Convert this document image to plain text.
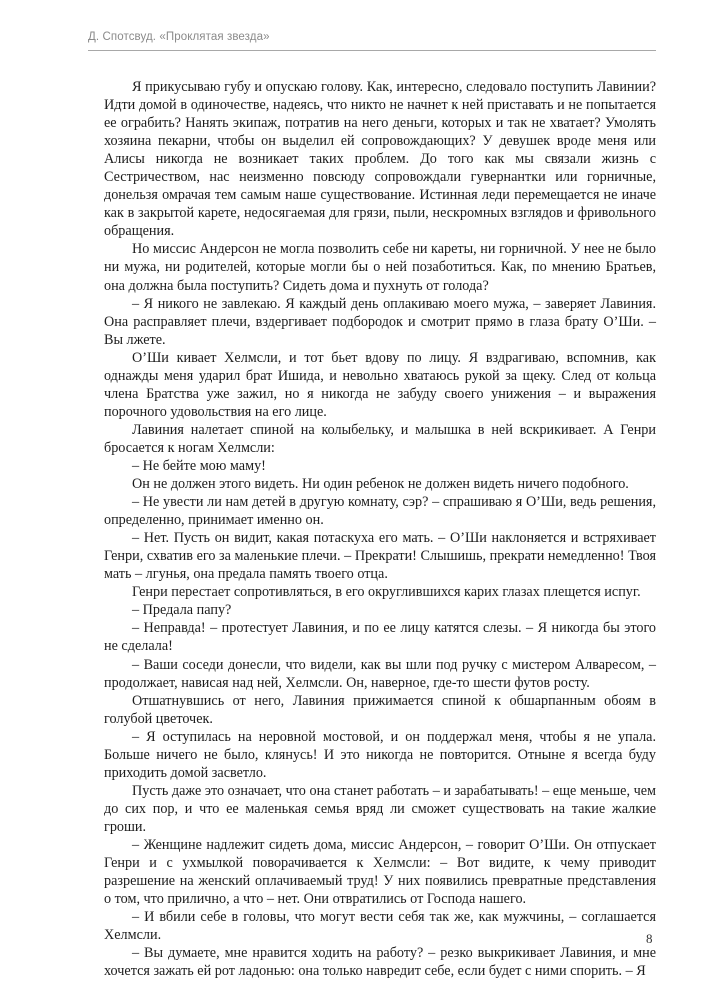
Д. Спотсвуд. «Проклятая звезда»

Я прикусываю губу и опускаю голову. Как, интересно, следовало поступить Лавинии? Идти домой в одиночестве, надеясь, что никто не начнет к ней приставать и не попытается ее ограбить? Нанять экипаж, потратив на него деньги, которых и так не хватает? Умолять хозяина пекарни, чтобы он выделил ей сопровождающих? У девушек вроде меня или Алисы никогда не возникает таких проблем. До того как мы связали жизнь с Сестричеством, нас неизменно повсюду сопровождали гувернантки или горничные, донельзя омрачая тем самым наше существование. Истинная леди перемещается не иначе как в закрытой карете, недосягаемая для грязи, пыли, нескромных взглядов и фривольного обращения.

Но миссис Андерсон не могла позволить себе ни кареты, ни горничной. У нее не было ни мужа, ни родителей, которые могли бы о ней позаботиться. Как, по мнению Братьев, она должна была поступить? Сидеть дома и пухнуть от голода?

– Я никого не завлекаю. Я каждый день оплакиваю моего мужа, – заверяет Лавиния. Она расправляет плечи, вздергивает подбородок и смотрит прямо в глаза брату О’Ши. – Вы лжете.

О’Ши кивает Хелмсли, и тот бьет вдову по лицу. Я вздрагиваю, вспомнив, как однажды меня ударил брат Ишида, и невольно хватаюсь рукой за щеку. След от кольца члена Братства уже зажил, но я никогда не забуду своего унижения – и выражения порочного удовольствия на его лице.

Лавиния налетает спиной на колыбельку, и малышка в ней вскрикивает. А Генри бросается к ногам Хелмсли:

– Не бейте мою маму!

Он не должен этого видеть. Ни один ребенок не должен видеть ничего подобного.

– Не увести ли нам детей в другую комнату, сэр? – спрашиваю я О’Ши, ведь решения, определенно, принимает именно он.

– Нет. Пусть он видит, какая потаскуха его мать. – О’Ши наклоняется и встряхивает Генри, схватив его за маленькие плечи. – Прекрати! Слышишь, прекрати немедленно! Твоя мать – лгунья, она предала память твоего отца.

Генри перестает сопротивляться, в его округлившихся карих глазах плещется испуг.

– Предала папу?

– Неправда! – протестует Лавиния, и по ее лицу катятся слезы. – Я никогда бы этого не сделала!

– Ваши соседи донесли, что видели, как вы шли под ручку с мистером Алваресом, – продолжает, нависая над ней, Хелмсли. Он, наверное, где-то шести футов росту.

Отшатнувшись от него, Лавиния прижимается спиной к обшарпанным обоям в голубой цветочек.

– Я оступилась на неровной мостовой, и он поддержал меня, чтобы я не упала. Больше ничего не было, клянусь! И это никогда не повторится. Отныне я всегда буду приходить домой засветло.

Пусть даже это означает, что она станет работать – и зарабатывать! – еще меньше, чем до сих пор, и что ее маленькая семья вряд ли сможет существовать на такие жалкие гроши.

– Женщине надлежит сидеть дома, миссис Андерсон, – говорит О’Ши. Он отпускает Генри и с ухмылкой поворачивается к Хелмсли: – Вот видите, к чему приводит разрешение на женский оплачиваемый труд! У них появились превратные представления о том, что прилично, а что – нет. Они отвратились от Господа нашего.

– И вбили себе в головы, что могут вести себя так же, как мужчины, – соглашается Хелмсли.

– Вы думаете, мне нравится ходить на работу? – резко выкрикивает Лавиния, и мне хочется зажать ей рот ладонью: она только навредит себе, если будет с ними спорить. – Я

8
